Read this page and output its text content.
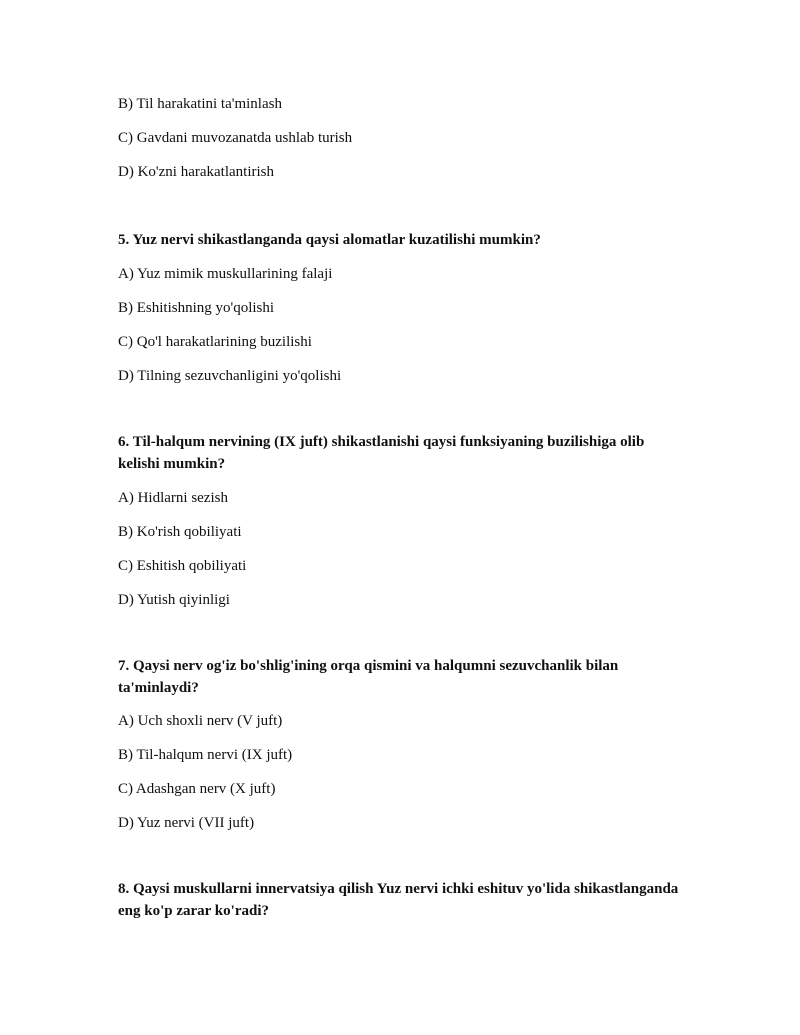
B) Til harakatini ta'minlash
C) Gavdani muvozanatda ushlab turish
D) Ko'zni harakatlantirish
5. Yuz nervi shikastlanganda qaysi alomatlar kuzatilishi mumkin?
A) Yuz mimik muskullarining falaji
B) Eshitishning yo'qolishi
C) Qo'l harakatlarining buzilishi
D) Tilning sezuvchanligini yo'qolishi
6. Til-halqum nervining (IX juft) shikastlanishi qaysi funksiyaning buzilishiga olib kelishi mumkin?
A) Hidlarni sezish
B) Ko'rish qobiliyati
C) Eshitish qobiliyati
D) Yutish qiyinligi
7. Qaysi nerv og'iz bo'shlig'ining orqa qismini va halqumni sezuvchanlik bilan ta'minlaydi?
A) Uch shoxli nerv (V juft)
B) Til-halqum nervi (IX juft)
C) Adashgan nerv (X juft)
D) Yuz nervi (VII juft)
8. Qaysi muskullarni innervatsiya qilish Yuz nervi ichki eshituv yo'lida shikastlanganda eng ko'p zarar ko'radi?
